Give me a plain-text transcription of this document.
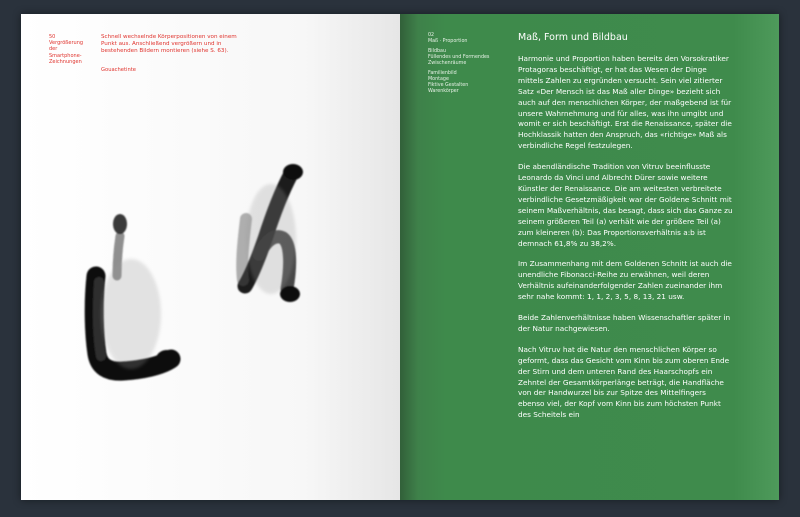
50
Vergrößerung
der Smartphone-
Zeichnungen
Schnell wechselnde Körperpositionen von einem Punkt aus. Anschließend vergrößern und in bestehenden Bildern montieren (siehe S. 63).
Gouachetinte
02
Maß · Proportion
Bildbau
Füllendes und Formendes
Zwischenräume
Familienbild
Montage
Fiktive Gestalten
Warenkörper
Maß, Form und Bildbau

Harmonie und Proportion haben bereits den Vorsokratiker Protagoras beschäftigt, er hat das Wesen der Dinge mittels Zahlen zu ergründen versucht. Sein viel zitierter Satz «Der Mensch ist das Maß aller Dinge» bezieht sich auch auf den menschlichen Körper, der maßgebend ist für unsere Wahrnehmung und für alles, was ihn umgibt und womit er sich beschäftigt. Erst die Renaissance, später die Hochklassik hatten den Anspruch, das «richtige» Maß als verbindliche Regel festzulegen.

Die abendländische Tradition von Vitruv beeinflusste Leonardo da Vinci und Albrecht Dürer sowie weitere Künstler der Renaissance. Die am weitesten verbreitete verbindliche Gesetzmäßigkeit war der Goldene Schnitt mit seinem Maßverhältnis, das besagt, dass sich das Ganze zu seinem größeren Teil (a) verhält wie der größere Teil (a) zum kleineren (b): Das Proportionsverhältnis a:b ist demnach 61,8% zu 38,2%.

Im Zusammenhang mit dem Goldenen Schnitt ist auch die unendliche Fibonacci-Reihe zu erwähnen, weil deren Verhältnis aufeinanderfolgender Zahlen zueinander ihm sehr nahe kommt: 1, 1, 2, 3, 5, 8, 13, 21 usw.

Beide Zahlenverhältnisse haben Wissenschaftler später in der Natur nachgewiesen.

Nach Vitruv hat die Natur den menschlichen Körper so geformt, dass das Gesicht vom Kinn bis zum oberen Ende der Stirn und dem unteren Rand des Haarschopfs ein Zehntel der Gesamtkörperlänge beträgt, die Handfläche von der Handwurzel bis zur Spitze des Mittelfingers ebenso viel, der Kopf vom Kinn bis zum höchsten Punkt des Scheitels ein
